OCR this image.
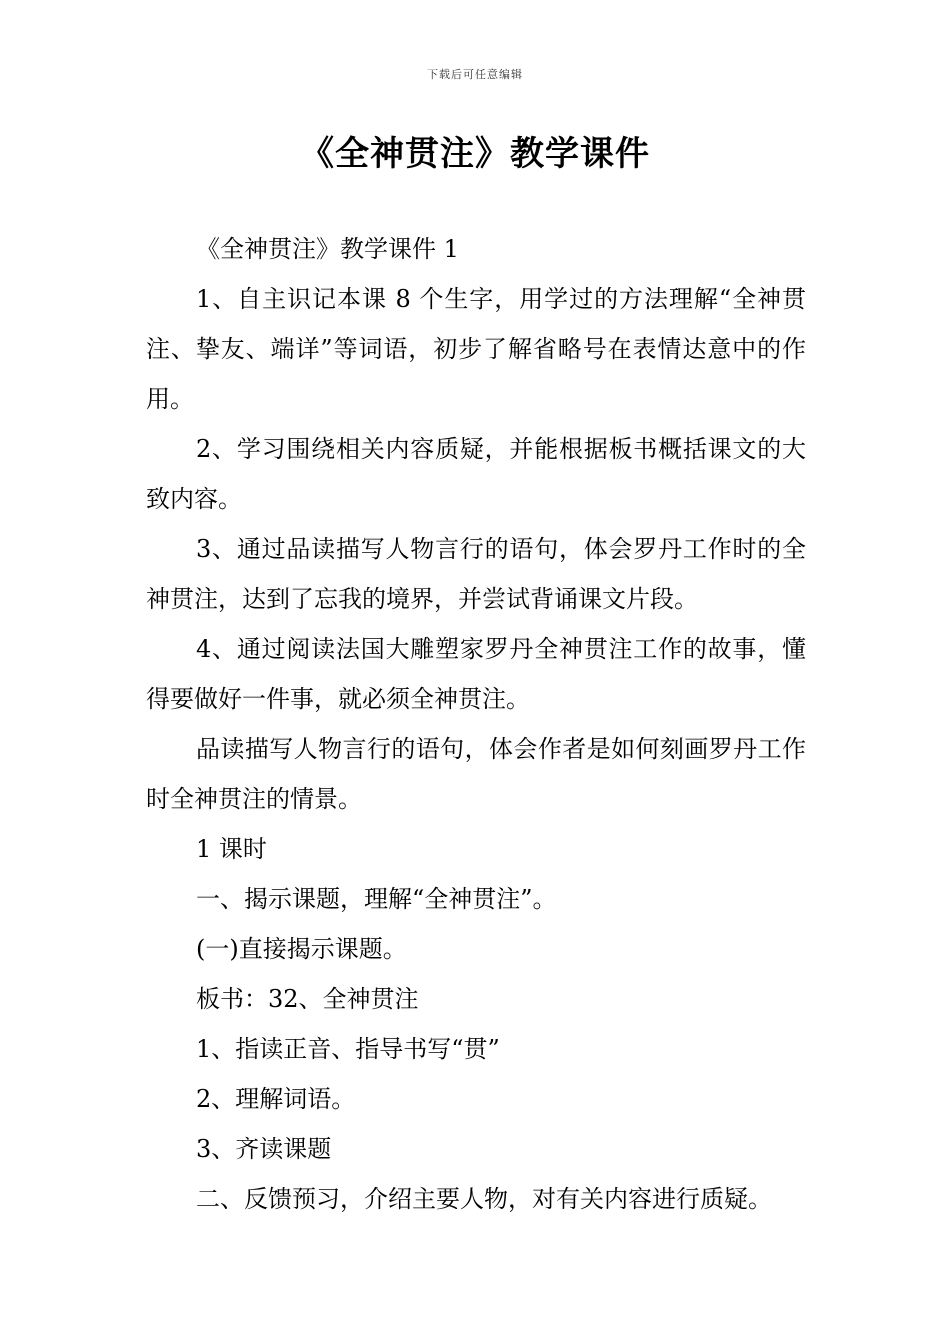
下载后可任意编辑
《全神贯注》教学课件

《全神贯注》教学课件 1

1、自主识记本课 8 个生字，用学过的方法理解“全神贯注、挚友、端详”等词语，初步了解省略号在表情达意中的作用。

2、学习围绕相关内容质疑，并能根据板书概括课文的大致内容。

3、通过品读描写人物言行的语句，体会罗丹工作时的全神贯注，达到了忘我的境界，并尝试背诵课文片段。

4、通过阅读法国大雕塑家罗丹全神贯注工作的故事，懂得要做好一件事，就必须全神贯注。

品读描写人物言行的语句，体会作者是如何刻画罗丹工作时全神贯注的情景。

1 课时

一、揭示课题，理解“全神贯注”。

(一)直接揭示课题。

板书：32、全神贯注

1、指读正音、指导书写“贯”

2、理解词语。

3、齐读课题

二、反馈预习，介绍主要人物，对有关内容进行质疑。
